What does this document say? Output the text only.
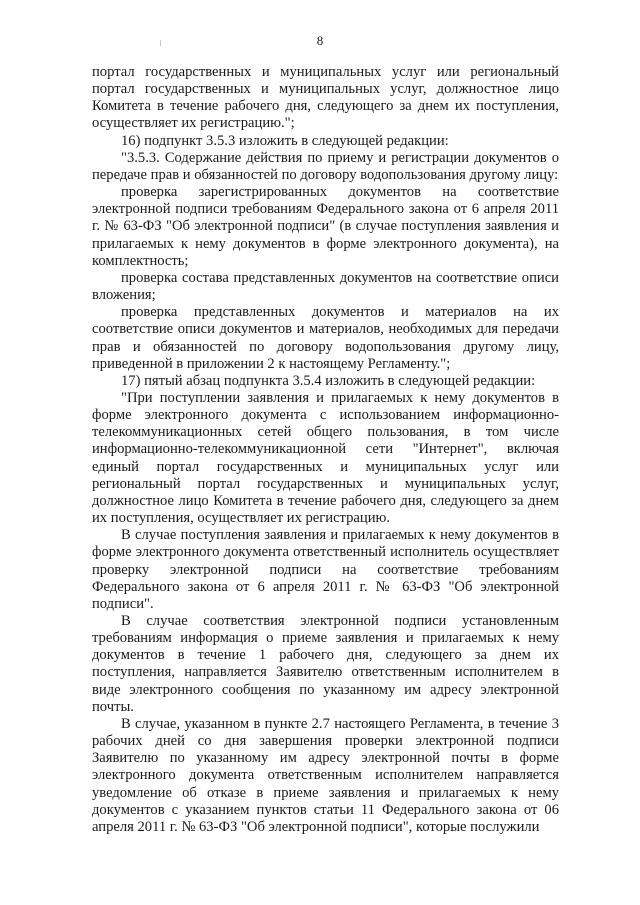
8

портал государственных и муниципальных услуг или региональный портал государственных и муниципальных услуг, должностное лицо Комитета в течение рабочего дня, следующего за днем их поступления, осуществляет их регистрацию.";

16) подпункт 3.5.3 изложить в следующей редакции:

"3.5.3. Содержание действия по приему и регистрации документов о передаче прав и обязанностей по договору водопользования другому лицу:

проверка зарегистрированных документов на соответствие электронной подписи требованиям Федерального закона от 6 апреля 2011 г. № 63-ФЗ "Об электронной подписи" (в случае поступления заявления и прилагаемых к нему документов в форме электронного документа), на комплектность;

проверка состава представленных документов на соответствие описи вложения;

проверка представленных документов и материалов на их соответствие описи документов и материалов, необходимых для передачи прав и обязанностей по договору водопользования другому лицу, приведенной в приложении 2 к настоящему Регламенту.";

17) пятый абзац подпункта 3.5.4 изложить в следующей редакции:

"При поступлении заявления и прилагаемых к нему документов в форме электронного документа с использованием информационно-телекоммуникационных сетей общего пользования, в том числе информационно-телекоммуникационной сети "Интернет", включая единый портал государственных и муниципальных услуг или региональный портал государственных и муниципальных услуг, должностное лицо Комитета в течение рабочего дня, следующего за днем их поступления, осуществляет их регистрацию.

В случае поступления заявления и прилагаемых к нему документов в форме электронного документа ответственный исполнитель осуществляет проверку электронной подписи на соответствие требованиям Федерального закона от 6 апреля 2011 г. № 63-ФЗ "Об электронной подписи".

В случае соответствия электронной подписи установленным требованиям информация о приеме заявления и прилагаемых к нему документов в течение 1 рабочего дня, следующего за днем их поступления, направляется Заявителю ответственным исполнителем в виде электронного сообщения по указанному им адресу электронной почты.

В случае, указанном в пункте 2.7 настоящего Регламента, в течение 3 рабочих дней со дня завершения проверки электронной подписи Заявителю по указанному им адресу электронной почты в форме электронного документа ответственным исполнителем направляется уведомление об отказе в приеме заявления и прилагаемых к нему документов с указанием пунктов статьи 11 Федерального закона от 06 апреля 2011 г. № 63-ФЗ "Об электронной подписи", которые послужили
